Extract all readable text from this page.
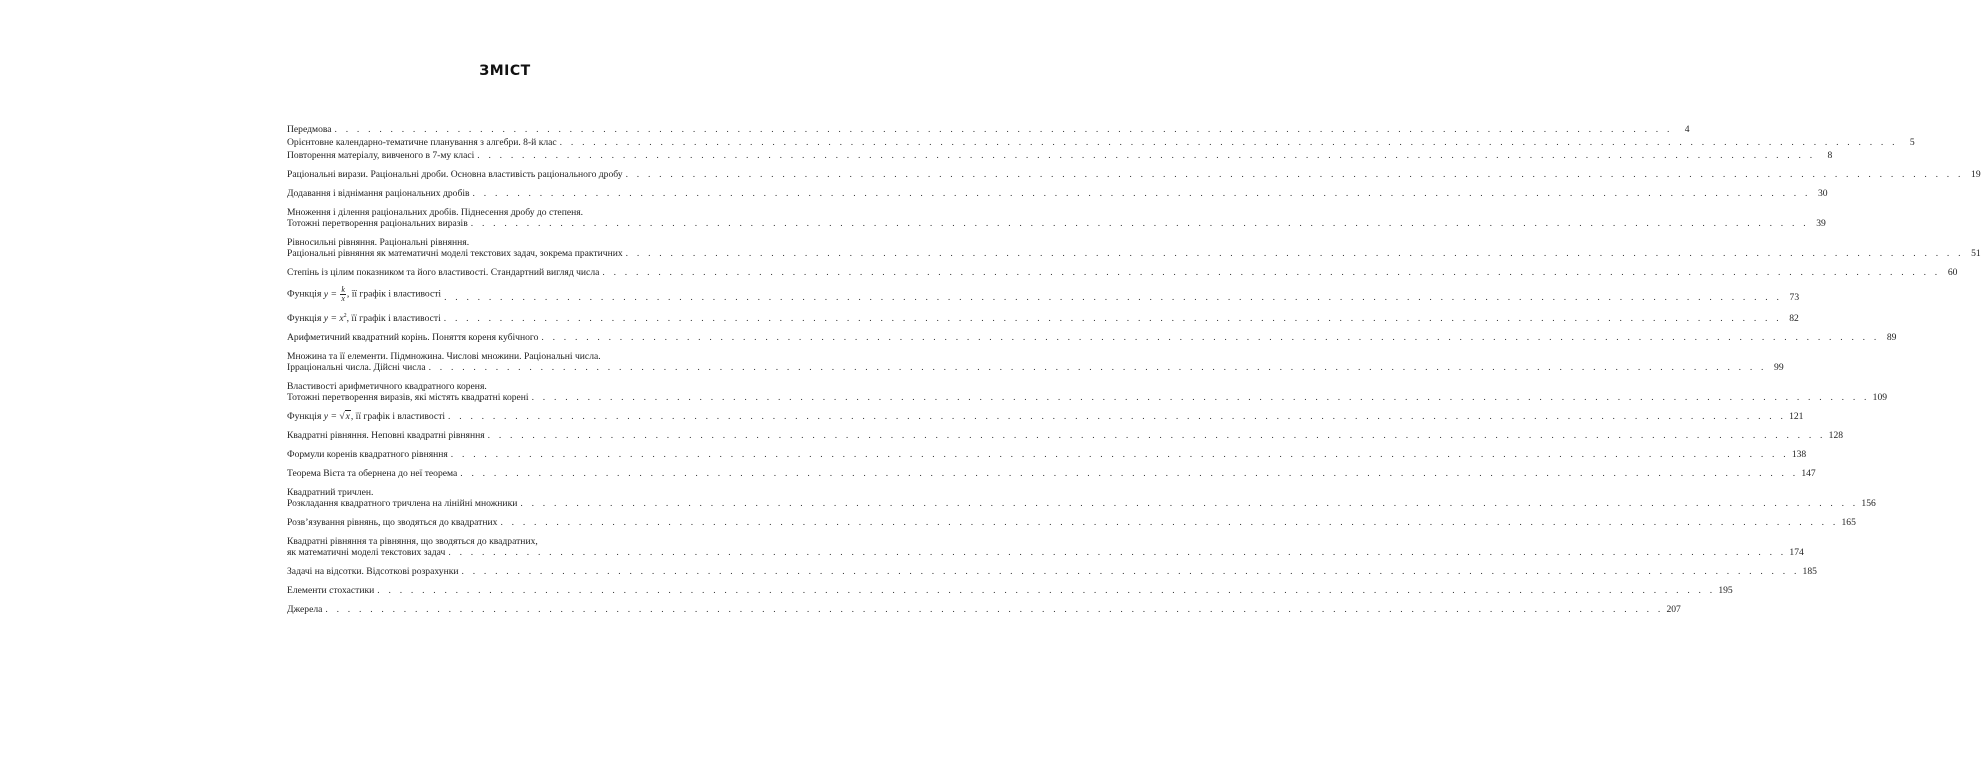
ЗМІСТ
Передмова . . . . . . . . . . . . . . . . . . . . . . . . . . . . . . . . . . . . . . . . . . . . . . . . . . . . . . . . . . . . . . . . . . . . . . . . . . . . . . . . . . . . . . . . . . . . . . . . . . . . . . . . . . . . . . . . . . . . . . . .	4
Орієнтовне календарно-тематичне планування з алгебри. 8-й клас . . . . . . . . . . . . . . . . . . . . . . . . . . . . . . . . . . . . . . . . . . . . . . . . . . . . . . . . . . . . . . . . . . . . . . . . . . . . . . . . . . . . . . . . . . . . . . . . . . . . . . . . . . . . . . . . . . . . . . . .	5
Повторення матеріалу, вивченого в 7-му класі . . . . . . . . . . . . . . . . . . . . . . . . . . . . . . . . . . . . . . . . . . . . . . . . . . . . . . . . . . . . . . . . . . . . . . . . . . . . . . . . . . . . . . . . . . . . . . . . . . . . . . . . . . . . . . . . . . . . . . . .	8
Раціональні вирази. Раціональні дроби. Основна властивість раціонального дробу . . . . . . . . . . . . . . . . . . . . . . . . . . . . . . . . . . . . . . . . . . . . . . . . . . . . . . . . . . . . . . . . . . . . . . . . . . . . . . . . . . . . . . . . . . . . . . . . . . . . . . . . . . . . . . . . . . . . . . . . 19
Додавання і віднімання раціональних дробів . . . . . . . . . . . . . . . . . . . . . . . . . . . . . . . . . . . . . . . . . . . . . . . . . . . . . . . . . . . . . . . . . . . . . . . . . . . . . . . . . . . . . . . . . . . . . . . . . . . . . . . . . . . . . . . . . . . . . . . . 30
Множення і ділення раціональних дробів. Піднесення дробу до степеня.
Тотожні перетворення раціональних виразів . . . . . . . . . . . . . . . . . . . . . . . . . . . . . . . . . . . . . . . . . . . . . . . . . . . . . . . . . . . . . . . . . . . . . . . . . . . . . . . . . . . . . . . . . . . . . . . . . . . . . . . . . . . . . . . . . . . . . . . . 39
Рівносильні рівняння. Раціональні рівняння.
Раціональні рівняння як математичні моделі текстових задач, зокрема практичних . . . . . . . . . . . . . . . . . . . . . . . . . . . . . . . . . . . . . . . . . . . . . . . . . . . . . . . . . . . . . . . . . . . . . . . . . . . . . . . . . . . . . . . . . . . . . . . . . . . . . . . . . . . . . . . . . . . . . . . . 51
Степінь із цілим показником та його властивості. Стандартний вигляд числа . . . . . . . . . . . . . . . . . . . . . . . . . . . . . . . . . . . . . . . . . . . . . . . . . . . . . . . . . . . . . . . . . . . . . . . . . . . . . . . . . . . . . . . . . . . . . . . . . . . . . . . . . . . . . . . . . . . . . . . . 60
Функція $y = \frac{k}{x}$ , її графік і властивості . . . . . . . . . . . . . . . . . . . . . . . . . . . . . . . . . . . . . . . . . . . . . . . . . . . . . . . . . . . . . . . . . . . . . . . . . . . . . . . . . . . . . . . . . . . . . . . . . . . . . . . . . . . . . . . . . . . . . . . . 73
Функція $y = x^2$, її графік і властивості . . . . . . . . . . . . . . . . . . . . . . . . . . . . . . . . . . . . . . . . . . . . . . . . . . . . . . . . . . . . . . . . . . . . . . . . . . . . . . . . . . . . . . . . . . . . . . . . . . . . . . . . . . . . . . . . . . . . . . . . 82
Арифметичний квадратний корінь. Поняття кореня кубічного . . . . . . . . . . . . . . . . . . . . . . . . . . . . . . . . . . . . . . . . . . . . . . . . . . . . . . . . . . . . . . . . . . . . . . . . . . . . . . . . . . . . . . . . . . . . . . . . . . . . . . . . . . . . . . . . . . . . . . . . 89
Множина та її елементи. Підмножина. Числові множини. Раціональні числа.
Ірраціональні числа. Дійсні числа . . . . . . . . . . . . . . . . . . . . . . . . . . . . . . . . . . . . . . . . . . . . . . . . . . . . . . . . . . . . . . . . . . . . . . . . . . . . . . . . . . . . . . . . . . . . . . . . . . . . . . . . . . . . . . . . . . . . . . . . 99
Властивості арифметичного квадратного кореня.
Тотожні перетворення виразів, які містять квадратні корені . . . . . . . . . . . . . . . . . . . . . . . . . . . . . . . . . . . . . . . . . . . . . . . . . . . . . . . . . . . . . . . . . . . . . . . . . . . . . . . . . . . . . . . . . . . . . . . . . . . . . . . . . . . . . . . . . . . . . . . . 109
Функція y = √x, її графік і властивості . . . . . . . . . . . . . . . . . . . . . . . . . . . . . . . . . . . . . . . . . . . . . . . . . . . . . . . . . . . . . . . . . . . . . . . . . . . . . . . . . . . . . . . . . . . . . . . . . . . . . . . . . . . . . . . . . . . . . . . . 121
Квадратні рівняння. Неповні квадратні рівняння . . . . . . . . . . . . . . . . . . . . . . . . . . . . . . . . . . . . . . . . . . . . . . . . . . . . . . . . . . . . . . . . . . . . . . . . . . . . . . . . . . . . . . . . . . . . . . . . . . . . . . . . . . . . . . . . . . . . . . . . 128
Формули коренів квадратного рівняння . . . . . . . . . . . . . . . . . . . . . . . . . . . . . . . . . . . . . . . . . . . . . . . . . . . . . . . . . . . . . . . . . . . . . . . . . . . . . . . . . . . . . . . . . . . . . . . . . . . . . . . . . . . . . . . . . . . . . . . . 138
Теорема Вієта та обернена до неї теорема . . . . . . . . . . . . . . . . . . . . . . . . . . . . . . . . . . . . . . . . . . . . . . . . . . . . . . . . . . . . . . . . . . . . . . . . . . . . . . . . . . . . . . . . . . . . . . . . . . . . . . . . . . . . . . . . . . . . . . . . 147
Квадратний тричлен.
Розкладання квадратного тричлена на лінійні множники . . . . . . . . . . . . . . . . . . . . . . . . . . . . . . . . . . . . . . . . . . . . . . . . . . . . . . . . . . . . . . . . . . . . . . . . . . . . . . . . . . . . . . . . . . . . . . . . . . . . . . . . . . . . . . . . . . . . . . . . 156
Розв’язування рівнянь, що зводяться до квадратних . . . . . . . . . . . . . . . . . . . . . . . . . . . . . . . . . . . . . . . . . . . . . . . . . . . . . . . . . . . . . . . . . . . . . . . . . . . . . . . . . . . . . . . . . . . . . . . . . . . . . . . . . . . . . . . . . . . . . . . . 165
Квадратні рівняння та рівняння, що зводяться до квадратних,
як математичні моделі текстових задач . . . . . . . . . . . . . . . . . . . . . . . . . . . . . . . . . . . . . . . . . . . . . . . . . . . . . . . . . . . . . . . . . . . . . . . . . . . . . . . . . . . . . . . . . . . . . . . . . . . . . . . . . . . . . . . . . . . . . . . . 174
Задачі на відсотки. Відсоткові розрахунки . . . . . . . . . . . . . . . . . . . . . . . . . . . . . . . . . . . . . . . . . . . . . . . . . . . . . . . . . . . . . . . . . . . . . . . . . . . . . . . . . . . . . . . . . . . . . . . . . . . . . . . . . . . . . . . . . . . . . . . . 185
Елементи стохастики . . . . . . . . . . . . . . . . . . . . . . . . . . . . . . . . . . . . . . . . . . . . . . . . . . . . . . . . . . . . . . . . . . . . . . . . . . . . . . . . . . . . . . . . . . . . . . . . . . . . . . . . . . . . . . . . . . . . . . . . 195
Джерела . . . . . . . . . . . . . . . . . . . . . . . . . . . . . . . . . . . . . . . . . . . . . . . . . . . . . . . . . . . . . . . . . . . . . . . . . . . . . . . . . . . . . . . . . . . . . . . . . . . . . . . . . . . . . . . . . . . . . . . . 207
